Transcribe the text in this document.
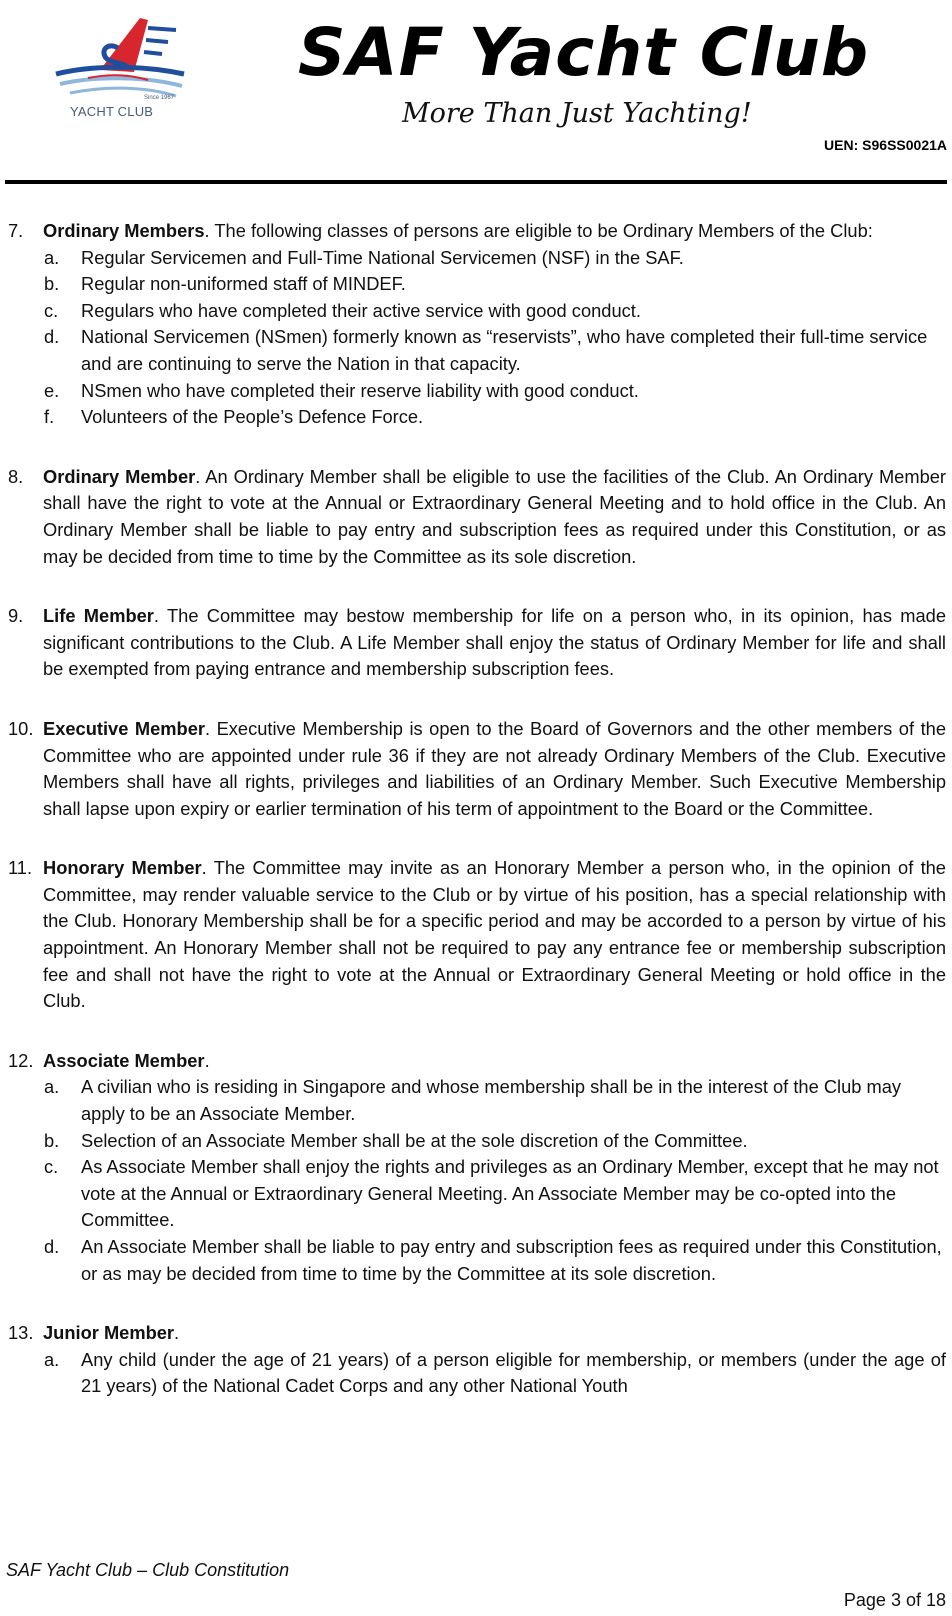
Since 1967
YACHT CLUB
SAF Yacht Club
More Than Just Yachting!
UEN: S96SS0021A
7. Ordinary Members. The following classes of persons are eligible to be Ordinary Members of the Club:

a. Regular Servicemen and Full-Time National Servicemen (NSF) in the SAF.
b. Regular non-uniformed staff of MINDEF.
c. Regulars who have completed their active service with good conduct.
d. National Servicemen (NSmen) formerly known as “reservists”, who have completed their full-time service and are continuing to serve the Nation in that capacity.
e. NSmen who have completed their reserve liability with good conduct.
f. Volunteers of the People’s Defence Force.
8. Ordinary Member. An Ordinary Member shall be eligible to use the facilities of the Club. An Ordinary Member shall have the right to vote at the Annual or Extraordinary General Meeting and to hold office in the Club. An Ordinary Member shall be liable to pay entry and subscription fees as required under this Constitution, or as may be decided from time to time by the Committee as its sole discretion.

9. Life Member. The Committee may bestow membership for life on a person who, in its opinion, has made significant contributions to the Club. A Life Member shall enjoy the status of Ordinary Member for life and shall be exempted from paying entrance and membership subscription fees.

10. Executive Member. Executive Membership is open to the Board of Governors and the other members of the Committee who are appointed under rule 36 if they are not already Ordinary Members of the Club. Executive Members shall have all rights, privileges and liabilities of an Ordinary Member. Such Executive Membership shall lapse upon expiry or earlier termination of his term of appointment to the Board or the Committee.

11. Honorary Member. The Committee may invite as an Honorary Member a person who, in the opinion of the Committee, may render valuable service to the Club or by virtue of his position, has a special relationship with the Club. Honorary Membership shall be for a specific period and may be accorded to a person by virtue of his appointment. An Honorary Member shall not be required to pay any entrance fee or membership subscription fee and shall not have the right to vote at the Annual or Extraordinary General Meeting or hold office in the Club.

12. Associate Member.

a. A civilian who is residing in Singapore and whose membership shall be in the interest of the Club may apply to be an Associate Member.
b. Selection of an Associate Member shall be at the sole discretion of the Committee.
c. As Associate Member shall enjoy the rights and privileges as an Ordinary Member, except that he may not vote at the Annual or Extraordinary General Meeting. An Associate Member may be co-opted into the Committee.
d. An Associate Member shall be liable to pay entry and subscription fees as required under this Constitution, or as may be decided from time to time by the Committee at its sole discretion.
13. Junior Member.

a. Any child (under the age of 21 years) of a person eligible for membership, or members (under the age of 21 years) of the National Cadet Corps and any other National Youth
SAF Yacht Club – Club Constitution
Page 3 of 18
